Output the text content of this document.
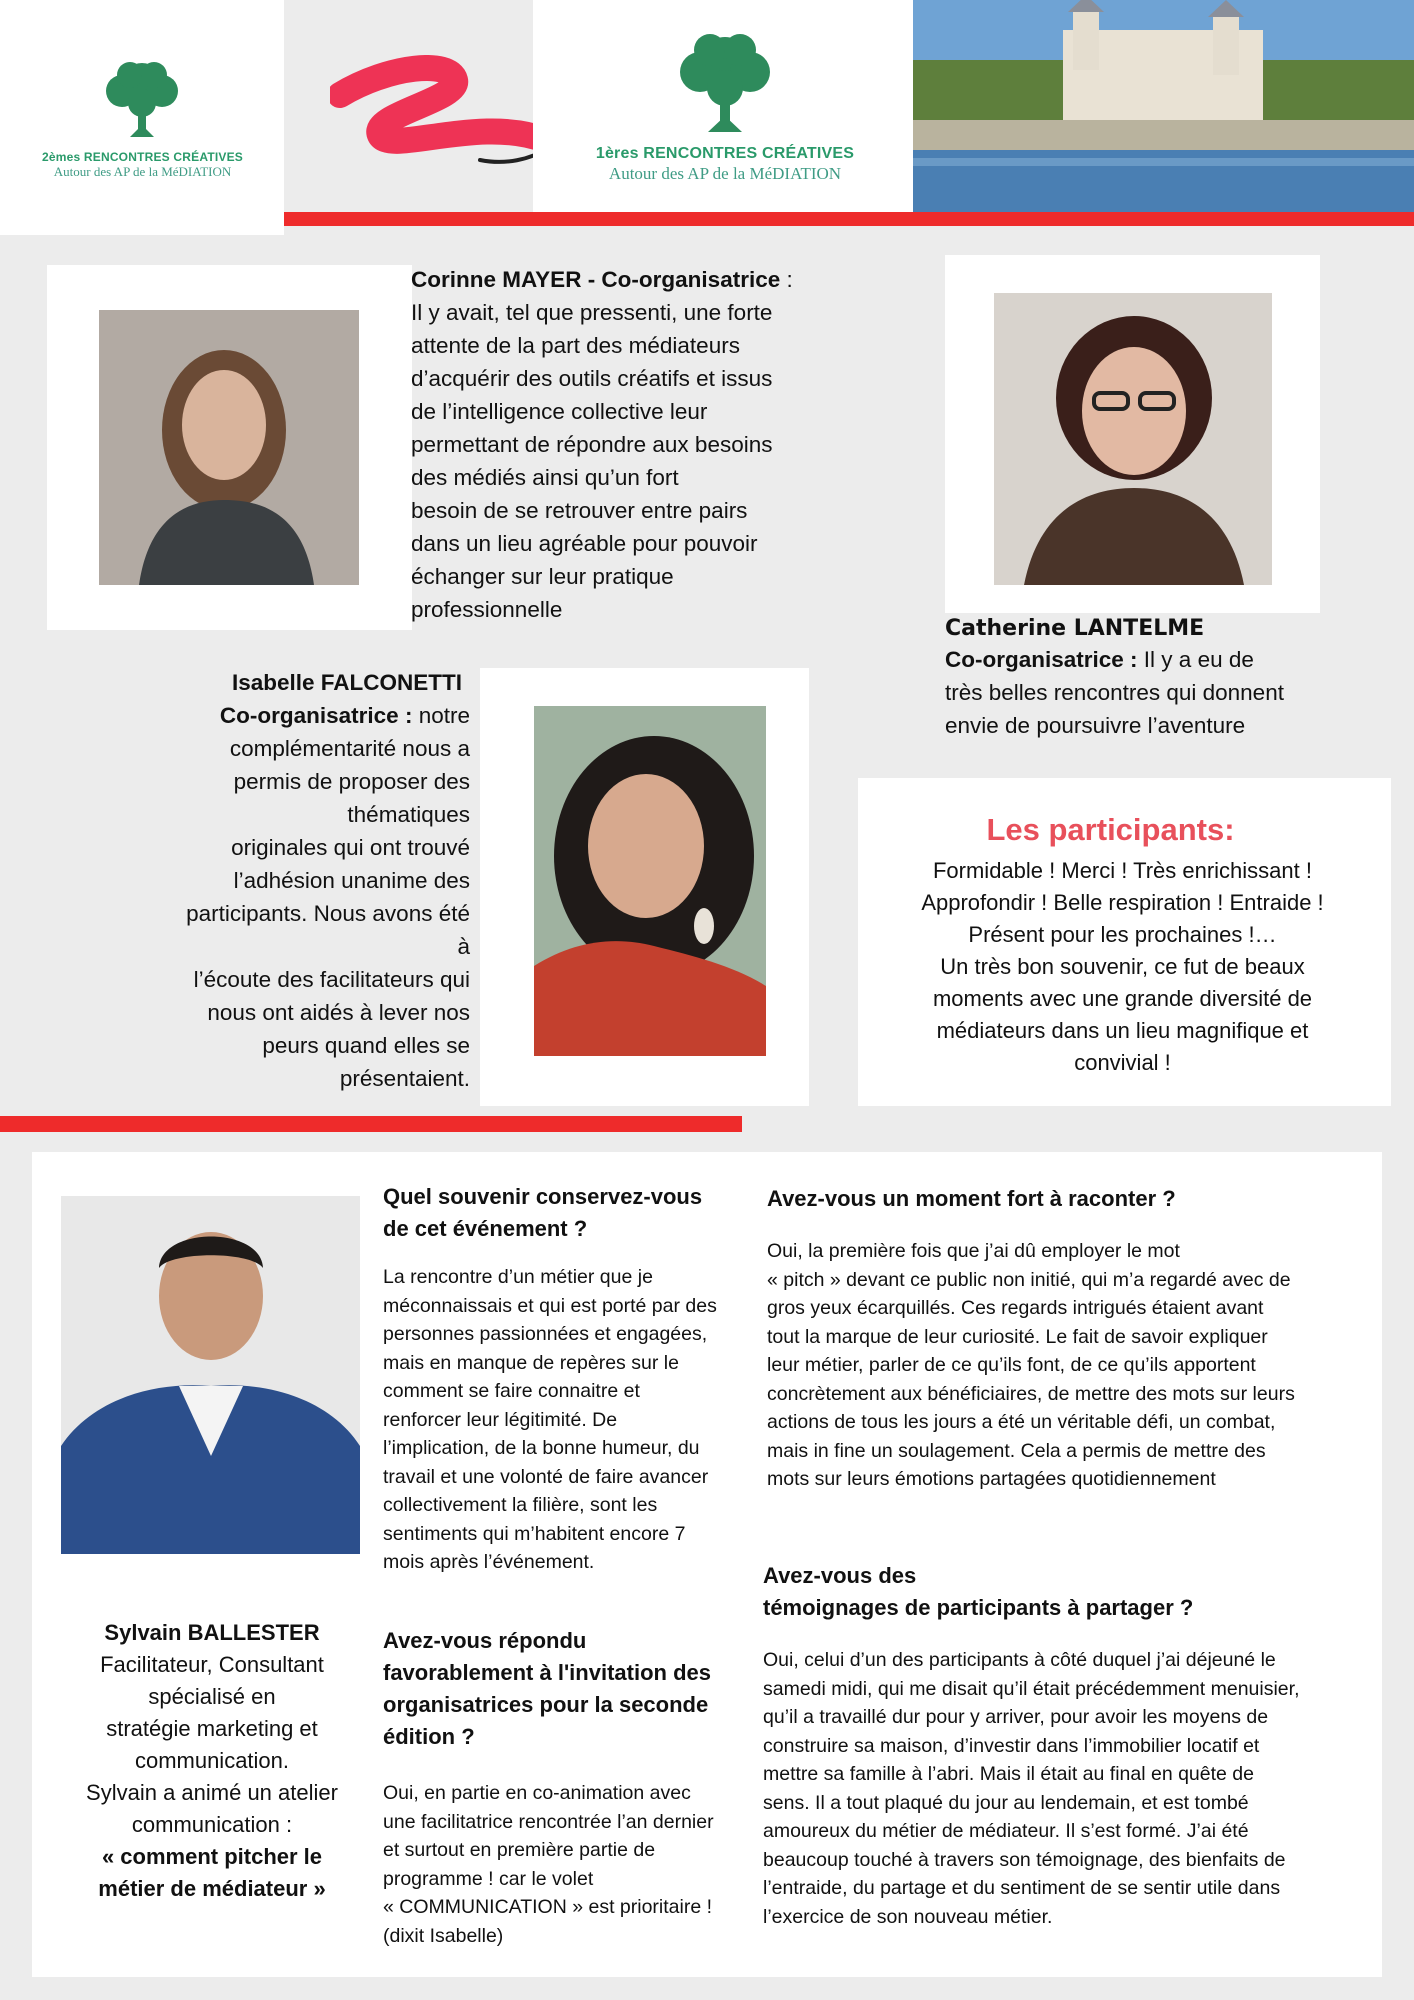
2èmes RENCONTRES CRÉATIVES
Autour des AP de la MéDIATION
1ères RENCONTRES CRÉATIVES
Autour des AP de la MéDIATION
Corinne MAYER - Co-organisatrice :
Il y avait, tel que pressenti, une forte
attente de la part des médiateurs
d’acquérir des outils créatifs et issus
de l’intelligence collective leur
permettant de répondre aux besoins
des médiés ainsi qu’un fort
besoin de se retrouver entre pairs
dans un lieu agréable pour pouvoir
échanger sur leur pratique
professionnelle
Catherine LANTELME
Co-organisatrice : Il y a eu de
très belles rencontres qui donnent
envie de poursuivre l’aventure
Isabelle FALCONETTI
Co-organisatrice : notre
complémentarité nous a
permis de proposer des
thématiques
originales qui ont trouvé
l’adhésion unanime des
participants. Nous avons été
à
l’écoute des facilitateurs qui
nous ont aidés à lever nos
peurs quand elles se
présentaient.
Les participants:
Formidable ! Merci ! Très enrichissant !
Approfondir ! Belle respiration ! Entraide !
Présent pour les prochaines !…
Un très bon souvenir, ce fut de beaux
moments avec une grande diversité de
médiateurs dans un lieu magnifique et
convivial !
Sylvain BALLESTER
Facilitateur, Consultant
spécialisé en
stratégie marketing et
communication.
Sylvain a animé un atelier
communication :
« comment pitcher le
métier de médiateur »
Quel souvenir conservez-vous
de cet événement ?
La rencontre d’un métier que je
méconnaissais et qui est porté par des
personnes passionnées et engagées,
mais en manque de repères sur le
comment se faire connaitre et
renforcer leur légitimité. De
l’implication, de la bonne humeur, du
travail et une volonté de faire avancer
collectivement la filière, sont les
sentiments qui m’habitent encore 7
mois après l’événement.
Avez-vous répondu
favorablement à l'invitation des
organisatrices pour la seconde
édition ?
Oui, en partie en co-animation avec
une facilitatrice rencontrée l’an dernier
et surtout en première partie de
programme ! car le volet
« COMMUNICATION » est prioritaire !
(dixit Isabelle)
Avez-vous un moment fort à raconter ?
Oui, la première fois que j’ai dû employer le mot
« pitch » devant ce public non initié, qui m’a regardé avec de
gros yeux écarquillés. Ces regards intrigués étaient avant
tout la marque de leur curiosité. Le fait de savoir expliquer
leur métier, parler de ce qu’ils font, de ce qu’ils apportent
concrètement aux bénéficiaires, de mettre des mots sur leurs
actions de tous les jours a été un véritable défi, un combat,
mais in fine un soulagement. Cela a permis de mettre des
mots sur leurs émotions partagées quotidiennement
Avez-vous des
témoignages de participants à partager ?
Oui, celui d’un des participants à côté duquel j’ai déjeuné le
samedi midi, qui me disait qu’il était précédemment menuisier,
qu’il a travaillé dur pour y arriver, pour avoir les moyens de
construire sa maison, d’investir dans l’immobilier locatif et
mettre sa famille à l’abri. Mais il était au final en quête de
sens. Il a tout plaqué du jour au lendemain, et est tombé
amoureux du métier de médiateur. Il s’est formé. J’ai été
beaucoup touché à travers son témoignage, des bienfaits de
l’entraide, du partage et du sentiment de se sentir utile dans
l’exercice de son nouveau métier.
